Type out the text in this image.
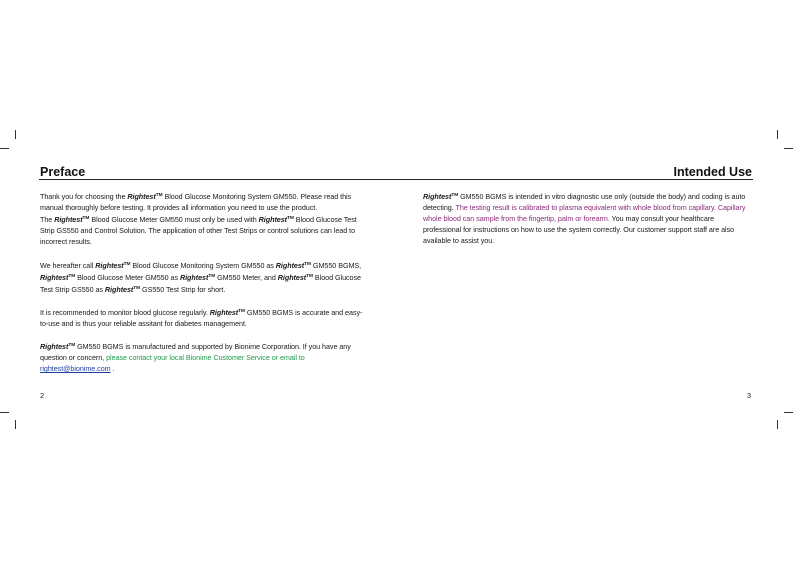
Preface	Intended Use

Thank you for choosing the Rightest™ Blood Glucose Monitoring System GM550. Please read this manual thoroughly before testing. It provides all information you need to use the product.
The Rightest™ Blood Glucose Meter GM550 must only be used with Rightest™ Blood Glucose Test Strip GS550 and Control Solution. The application of other Test Strips or control solutions can lead to incorrect results.

We hereafter call Rightest™ Blood Glucose Monitoring System GM550 as Rightest™ GM550 BGMS,
Rightest™ Blood Glucose Meter GM550 as Rightest™ GM550 Meter, and Rightest™ Blood Glucose Test Strip GS550 as Rightest™ GS550 Test Strip for short.

It is recommended to monitor blood glucose regularly. Rightest™ GM550 BGMS is accurate and easy-to-use and is thus your reliable assitant for diabetes management.

Rightest™ GM550 BGMS is manufactured and supported by Bionime Corporation. If you have any question or concern, please contact your local Bionime Customer Service or email to
rightest@bionime.com .

Rightest™ GM550 BGMS is intended in vitro diagnostic use only (outside the body) and coding is auto detecting. The testing result is calibrated to plasma equivalent with whole blood from capillary. Capillary whole blood can sample from the fingertip, palm or forearm. You may consult your healthcare professional for instructions on how to use the system correctly. Our customer support staff are also available to assist you.

2	3
